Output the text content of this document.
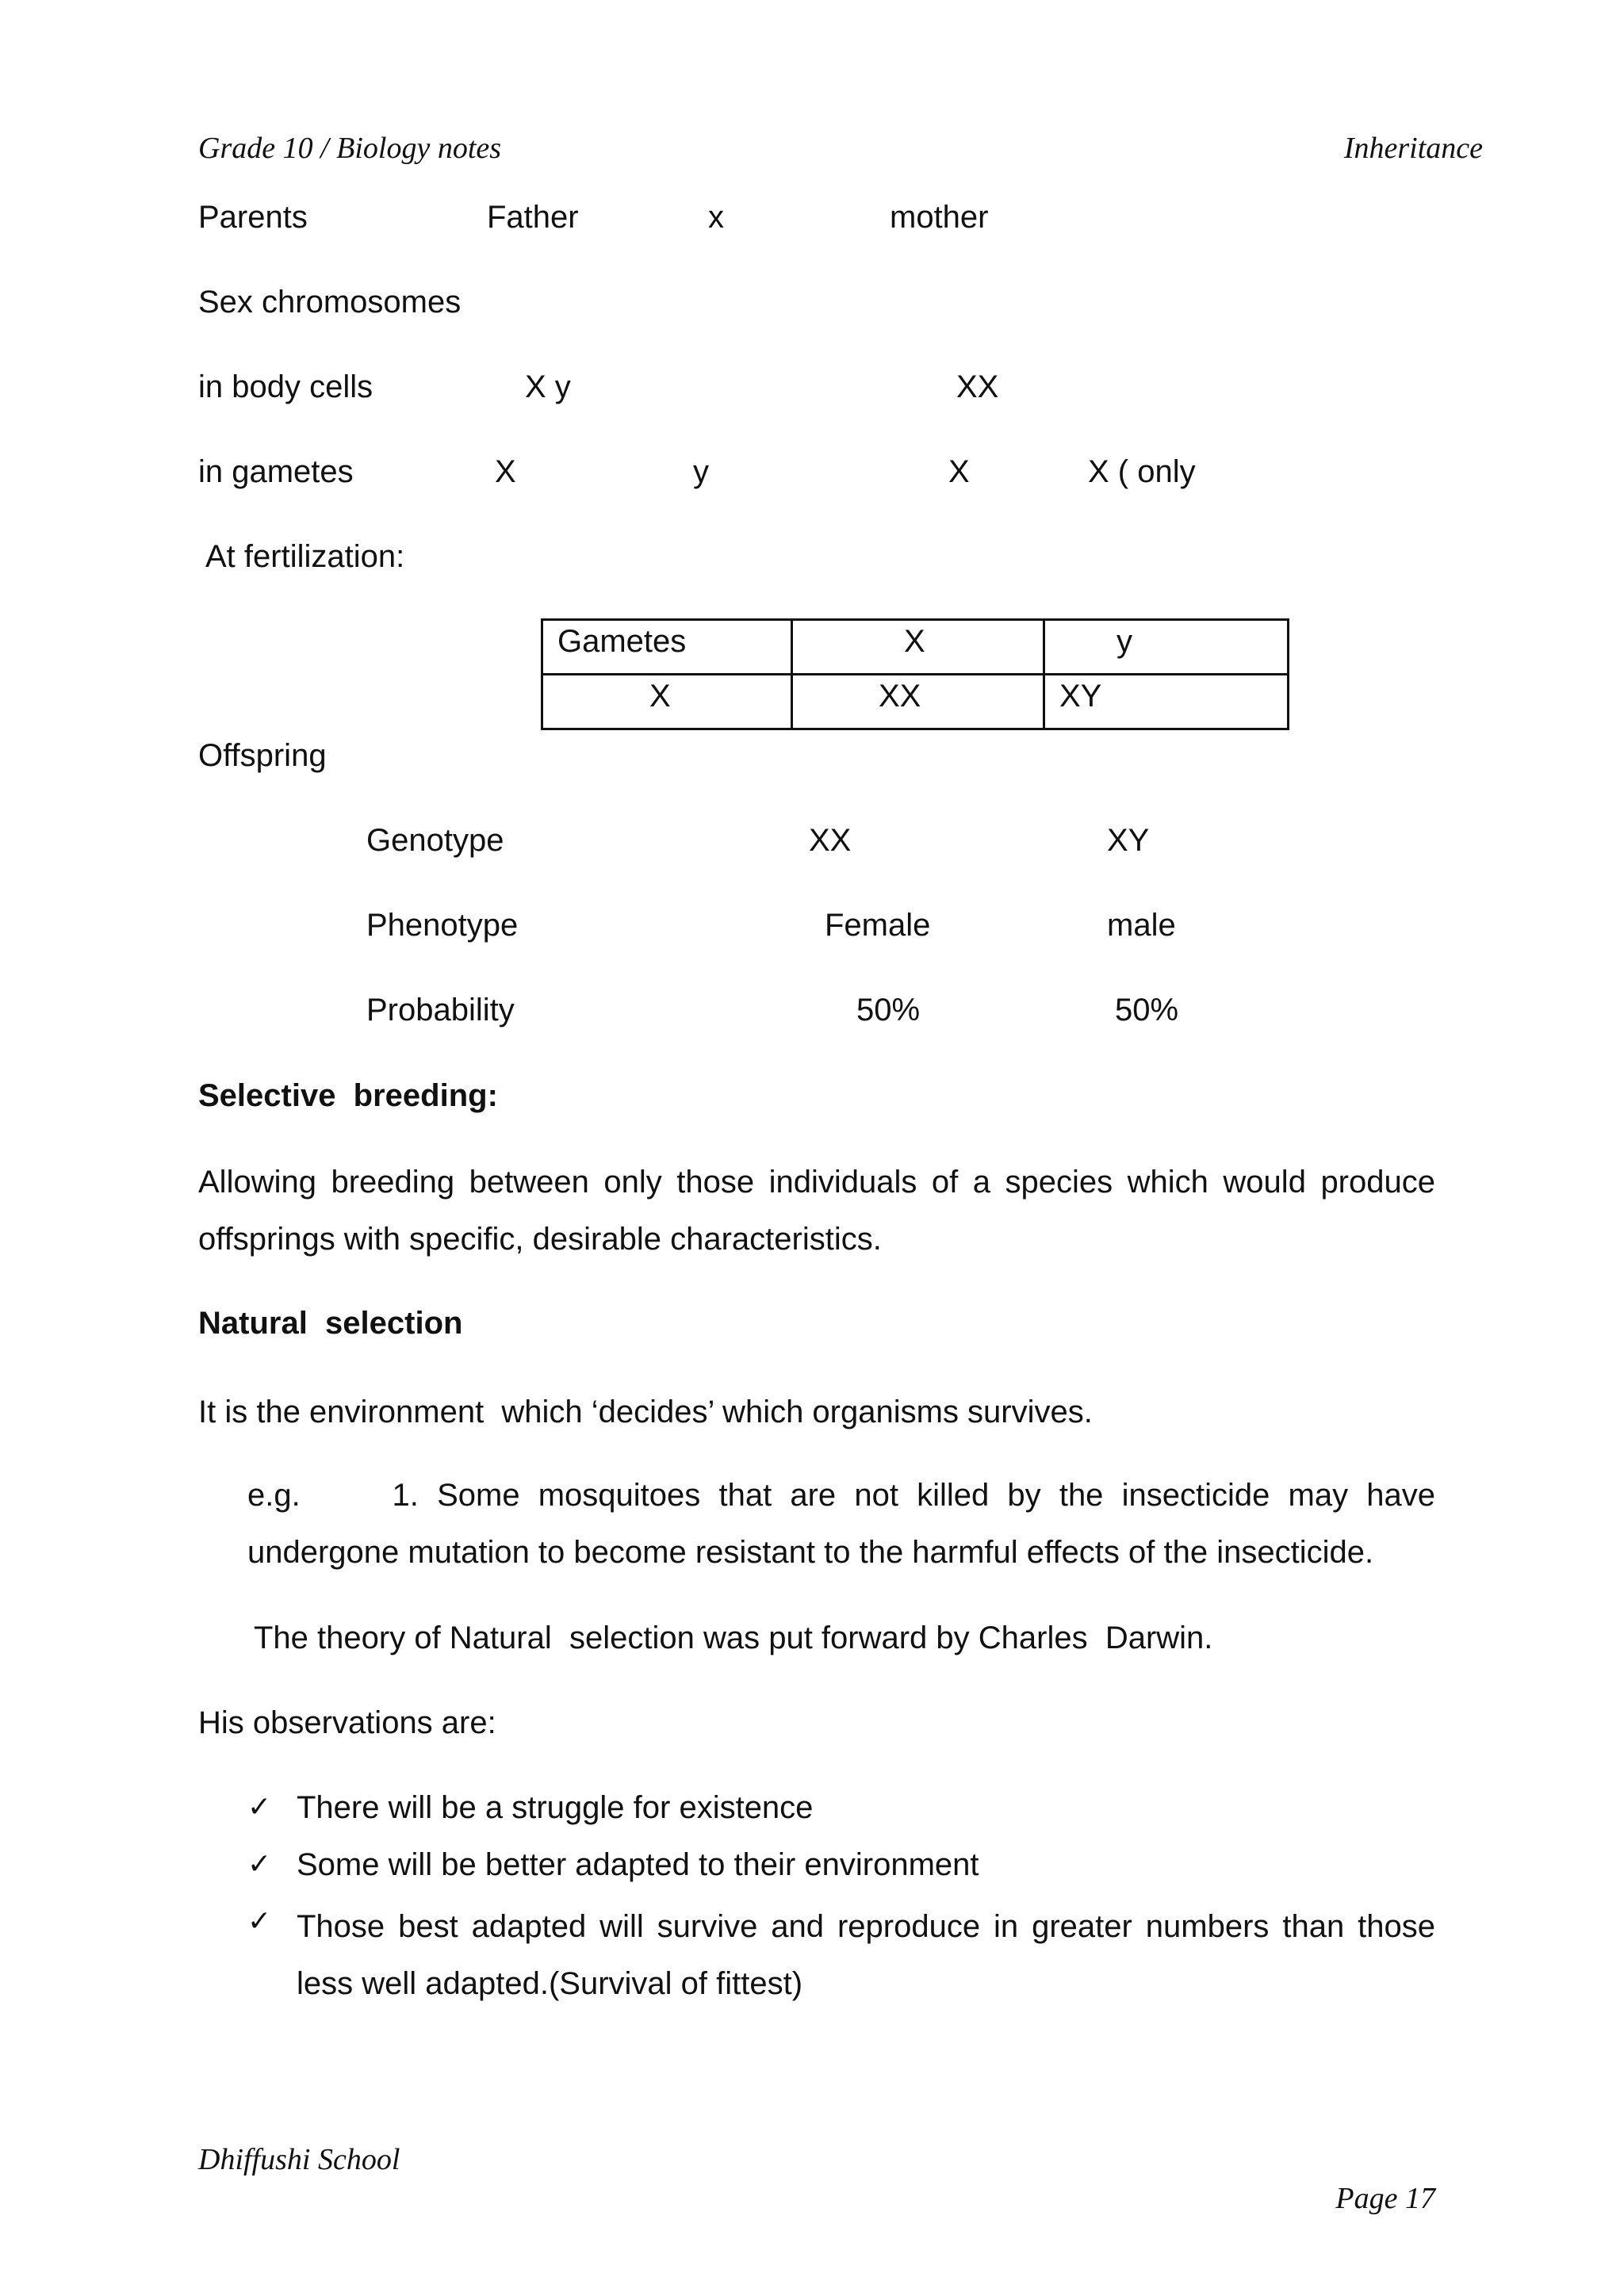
Grade 10 / Biology notes	Inheritance
Parents	Father	x	mother
Sex chromosomes
in body cells	X y	XX
in gametes	X	y	X	X ( only
At fertilization:
Gametes	X	y

X	XX	XY
Offspring
Genotype	XX	XY
Phenotype	Female	male
Probability	50%	50%
Selective  breeding:
Allowing breeding between only those individuals of a species which would produce offsprings with specific, desirable characteristics.
Natural  selection
It is the environment  which ‘decides’ which organisms survives.
e.g.     1. Some mosquitoes that are not killed by the insecticide may have undergone mutation to become resistant to the harmful effects of the insecticide.
The theory of Natural  selection was put forward by Charles  Darwin.
His observations are:
✓ There will be a struggle for existence
✓ Some will be better adapted to their environment
✓ Those best adapted will survive and reproduce in greater numbers than those less well adapted.(Survival of fittest)
Dhiffushi School
Page 17
